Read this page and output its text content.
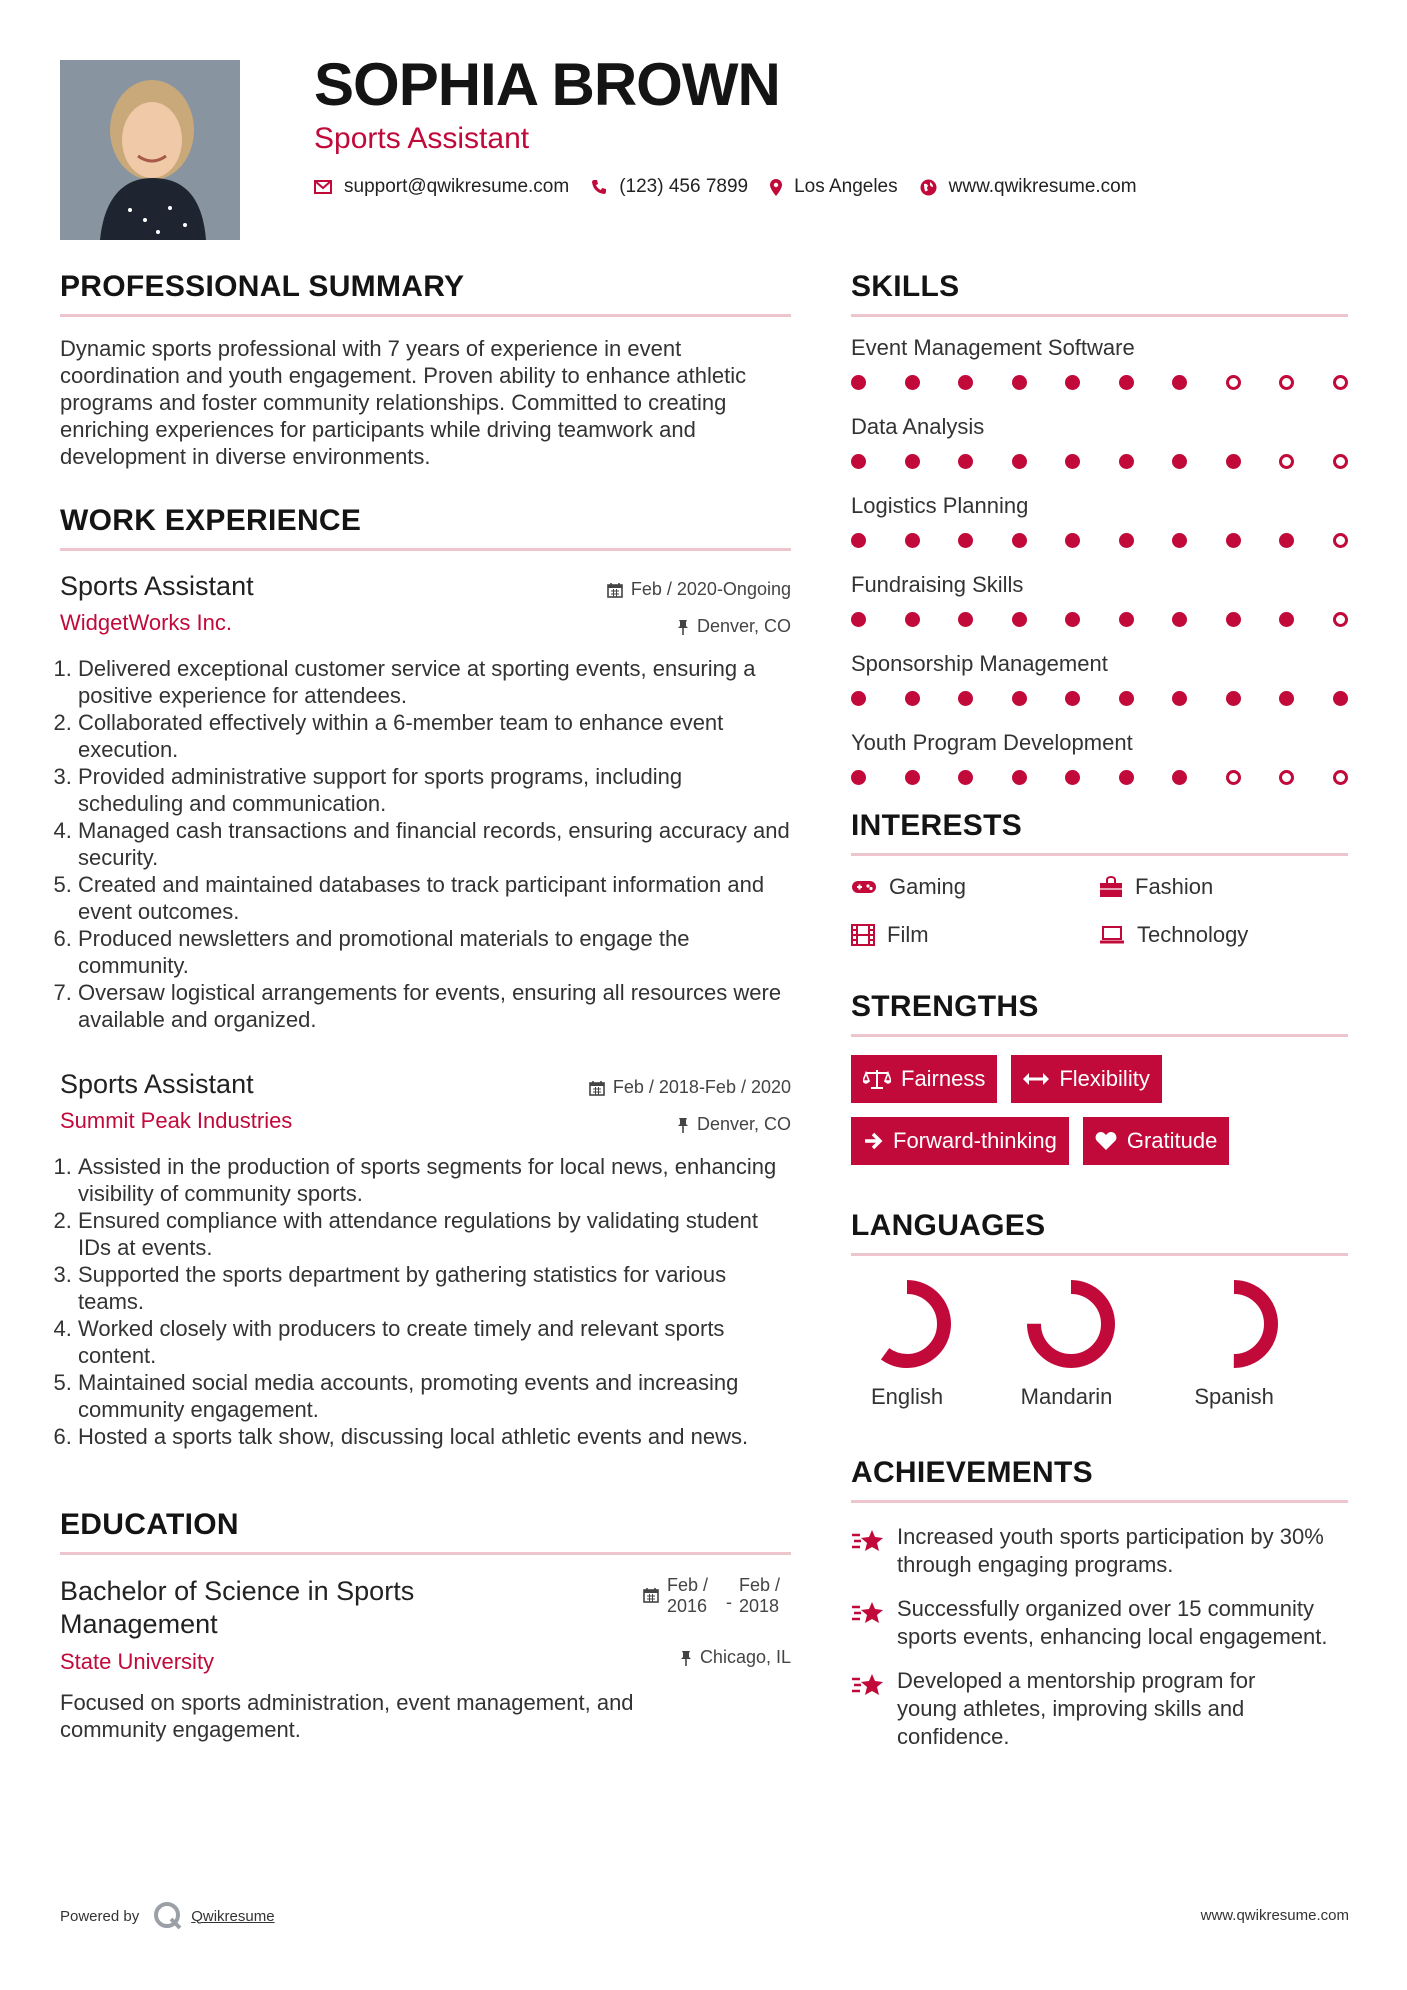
SOPHIA BROWN
Sports Assistant
support@qwikresume.com	(123) 456 7899 Los Angeles	www.qwikresume.com
PROFESSIONAL SUMMARY

Dynamic sports professional with 7 years of experience in event coordination and youth engagement. Proven ability to enhance athletic programs and foster community relationships. Committed to creating enriching experiences for participants while driving teamwork and development in diverse environments.

WORK EXPERIENCE
Sports Assistant
WidgetWorks Inc.
Feb / 2020-Ongoing
Denver, CO
1. Delivered exceptional customer service at sporting events, ensuring a positive experience for attendees.
2. Collaborated effectively within a 6-member team to enhance event execution.
3. Provided administrative support for sports programs, including scheduling and communication.
4. Managed cash transactions and financial records, ensuring accuracy and security.
5. Created and maintained databases to track participant information and event outcomes.
6. Produced newsletters and promotional materials to engage the community.
7. Oversaw logistical arrangements for events, ensuring all resources were available and organized.
Sports Assistant
Summit Peak Industries
Feb / 2018-Feb / 2020
Denver, CO
1. Assisted in the production of sports segments for local news, enhancing visibility of community sports.
2. Ensured compliance with attendance regulations by validating student IDs at events.
3. Supported the sports department by gathering statistics for various teams.
4. Worked closely with producers to create timely and relevant sports content.
5. Maintained social media accounts, promoting events and increasing community engagement.
6. Hosted a sports talk show, discussing local athletic events and news.
EDUCATION
Bachelor of Science in Sports Management
State University
Feb / 2016	-
Feb / 2018
Chicago, IL

Focused on sports administration, event management, and community engagement.

SKILLS
Event Management Software
Data Analysis
Logistics Planning
Fundraising Skills
Sponsorship Management
Youth Program Development
INTERESTS
Gaming	Fashion
Film	Technology
STRENGTHS
Fairness	Flexibility
Forward-thinking	Gratitude
LANGUAGES
English	Mandarin	Spanish
ACHIEVEMENTS
Increased youth sports participation by 30% through engaging programs.
Successfully organized over 15 community sports events, enhancing local engagement.
Developed a mentorship program for young athletes, improving skills and confidence.
Powered by	Qwikresume	www.qwikresume.com
